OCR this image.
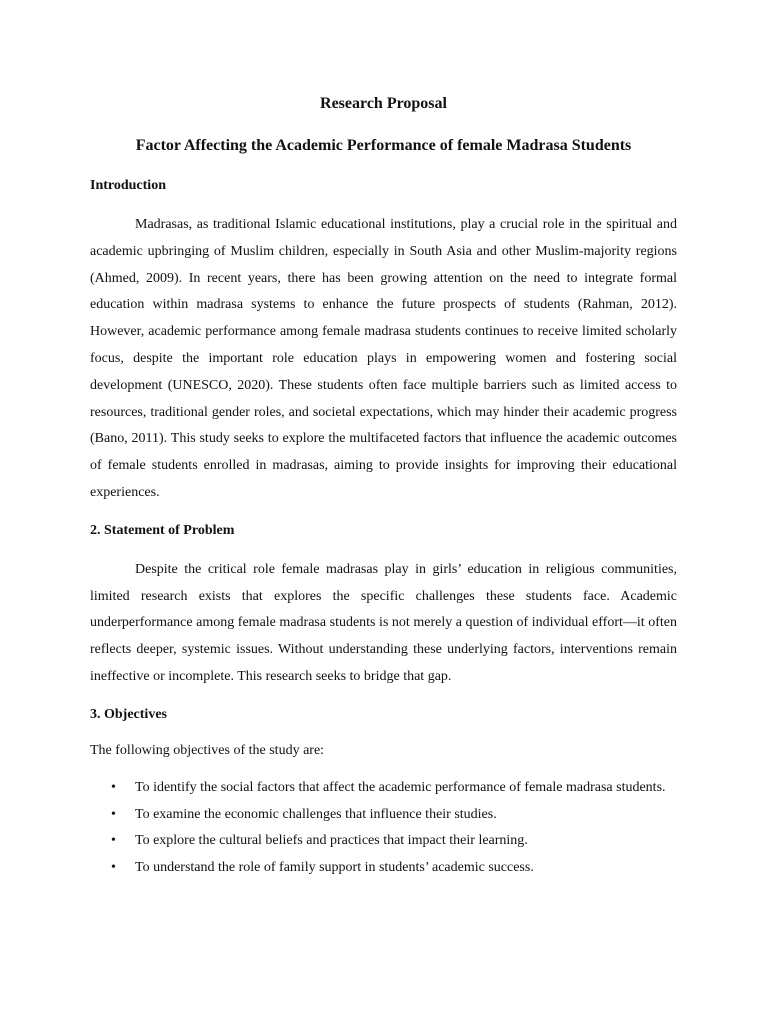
Research Proposal
Factor Affecting the Academic Performance of female Madrasa Students
Introduction

Madrasas, as traditional Islamic educational institutions, play a crucial role in the spiritual and academic upbringing of Muslim children, especially in South Asia and other Muslim-majority regions (Ahmed, 2009). In recent years, there has been growing attention on the need to integrate formal education within madrasa systems to enhance the future prospects of students (Rahman, 2012). However, academic performance among female madrasa students continues to receive limited scholarly focus, despite the important role education plays in empowering women and fostering social development (UNESCO, 2020). These students often face multiple barriers such as limited access to resources, traditional gender roles, and societal expectations, which may hinder their academic progress (Bano, 2011). This study seeks to explore the multifaceted factors that influence the academic outcomes of female students enrolled in madrasas, aiming to provide insights for improving their educational experiences.

2. Statement of Problem

Despite the critical role female madrasas play in girls’ education in religious communities, limited research exists that explores the specific challenges these students face. Academic underperformance among female madrasa students is not merely a question of individual effort—it often reflects deeper, systemic issues. Without understanding these underlying factors, interventions remain ineffective or incomplete. This research seeks to bridge that gap.

3. Objectives

The following objectives of the study are:

• To identify the social factors that affect the academic performance of female madrasa students.
• To examine the economic challenges that influence their studies.
• To explore the cultural beliefs and practices that impact their learning.
• To understand the role of family support in students’ academic success.
